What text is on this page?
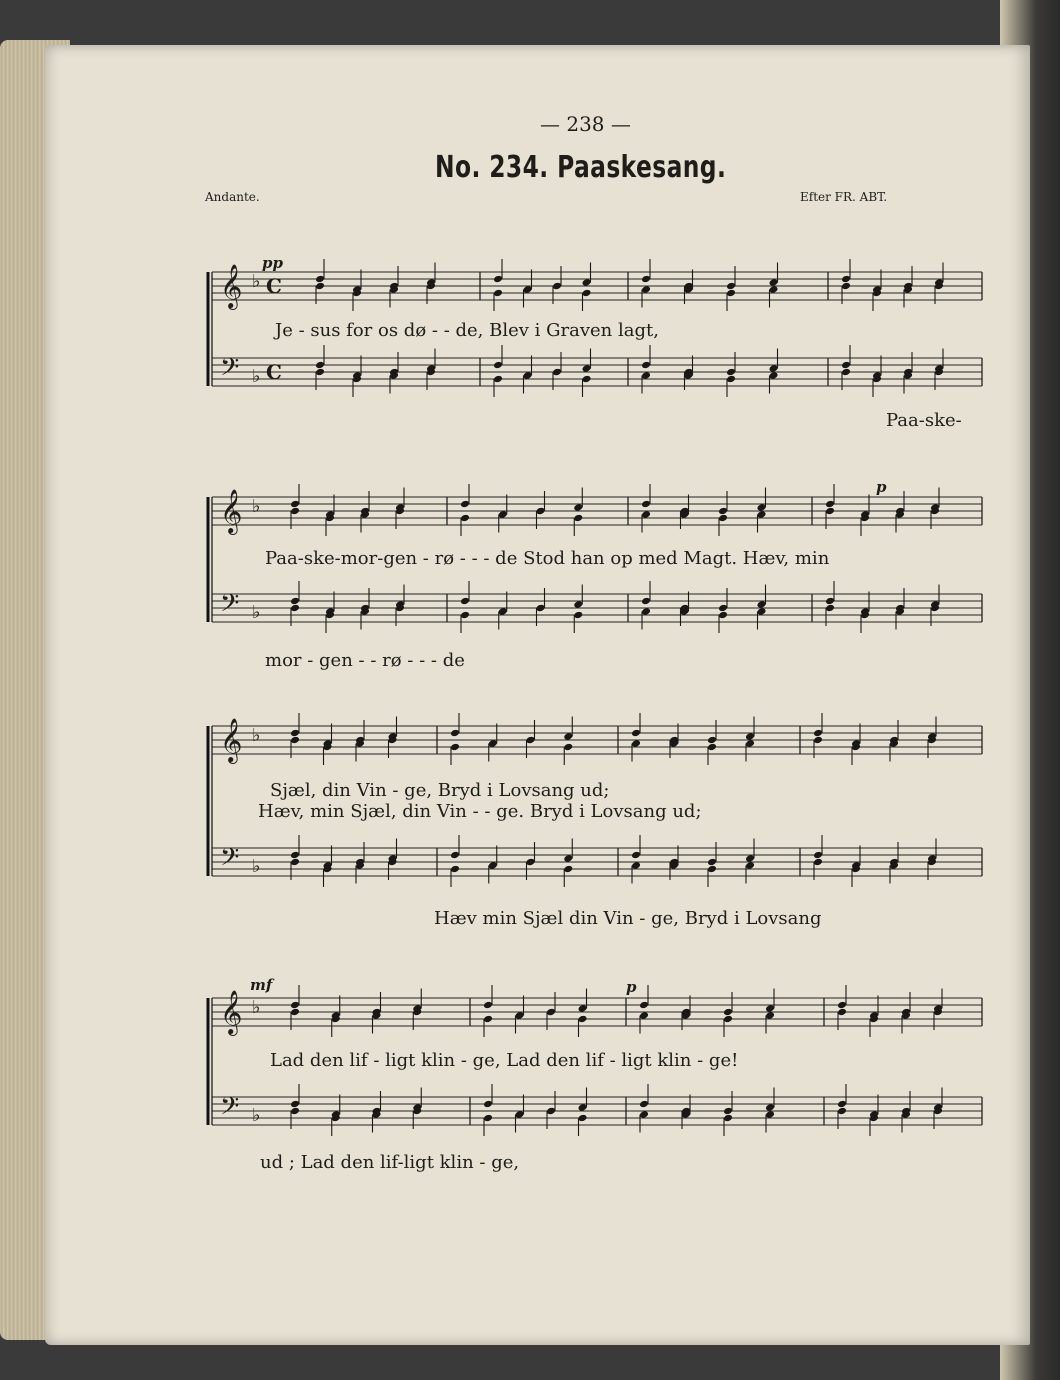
— 238 —
No. 234. Paaskesang.
Andante.	Efter FR. ABT.
pp
p
mf	p
Je - sus for os dø - - de, Blev i Graven lagt,
Paa-ske-
Paa-ske-mor-gen - rø - - - de Stod han op med Magt. Hæv, min
mor - gen - - rø - - - de
Sjæl, din Vin - ge, Bryd i Lovsang ud;
Hæv, min Sjæl, din Vin - - ge. Bryd i Lovsang ud;
Hæv min Sjæl din Vin - ge, Bryd i Lovsang
Lad den lif - ligt klin - ge, Lad den lif - ligt klin - ge!
ud ; Lad den lif-ligt klin - ge,
𝄞 ♭ C
𝄢 ♭ C
𝄞 ♭
𝄢 ♭
𝄞 ♭
𝄢 ♭
𝄞 ♭
𝄢 ♭
